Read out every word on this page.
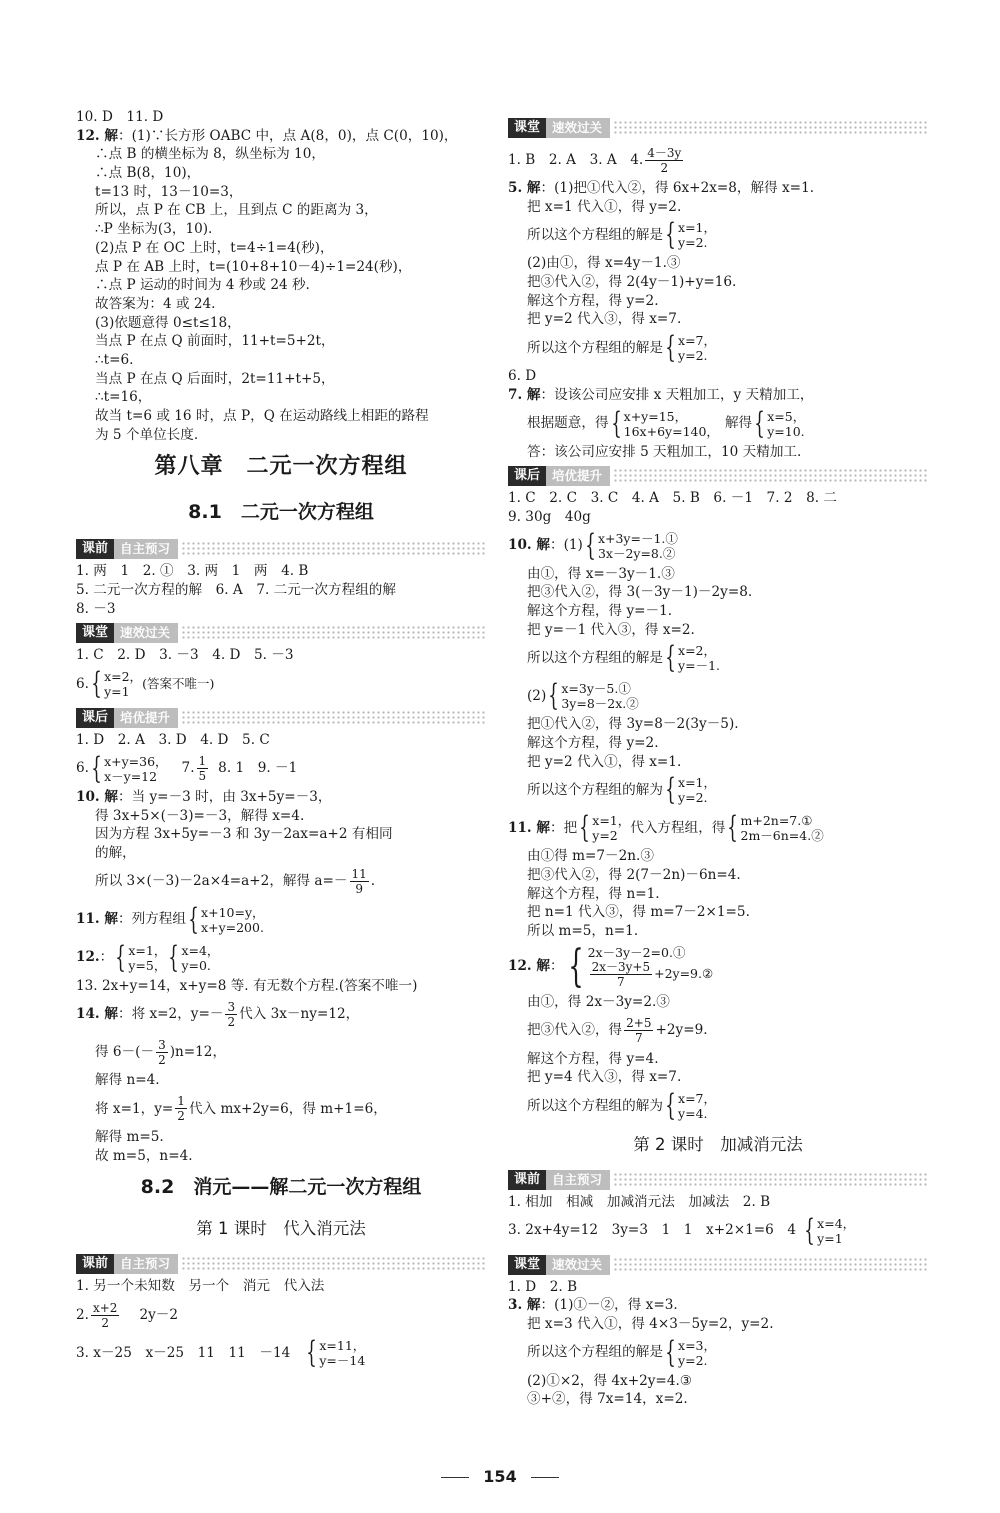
10. D　11. D
12. 解：(1)∵长方形 OABC 中，点 A(8，0)，点 C(0，10)，
∴点 B 的横坐标为 8，纵坐标为 10，
∴点 B(8，10)，
t=13 时，13－10=3，
所以，点 P 在 CB 上，且到点 C 的距离为 3，
∴P 坐标为(3，10).
(2)点 P 在 OC 上时，t=4÷1=4(秒)，
点 P 在 AB 上时，t=(10+8+10－4)÷1=24(秒)，
∴点 P 运动的时间为 4 秒或 24 秒.
故答案为：4 或 24.
(3)依题意得 0≤t≤18，
当点 P 在点 Q 前面时，11+t=5+2t，
∴t=6.
当点 P 在点 Q 后面时，2t=11+t+5，
∴t=16，
故当 t=6 或 16 时，点 P，Q 在运动路线上相距的路程
为 5 个单位长度.
第八章　二元一次方程组
8.1　二元一次方程组
课前 自主预习
1. 两　1　2. ①　3. 两　1　两　4. B
5. 二元一次方程的解　6. A　7. 二元一次方程组的解
8. －3
课堂 速效过关
1. C　2. D　3. －3　4. D　5. －3
6. { x=2，
y=1
(答案不唯一)
课后 培优提升
1. D　2. A　3. D　4. D　5. C
6. { x+y=36，
x－y=12	7. $\frac{1}{5} 8$. 1　9. －1
10. 解：当 y=－3 时，由 3x+5y=－3，
得 3x+5×(－3)=－3，解得 x=4.
因为方程 3x+5y=－3 和 3y－2ax=a+2 有相同
的解，
所以 3×(－3)－2a×4=a+2，解得 $a=- \frac{11}{9}$ .
11. 解 ：列方程组 { x+10=y，
x+y=200.
12. ： { x=1，
y=5， { x=4，
y=0.
13. 2x+y=14，x+y=8 等. 有无数个方程.(答案不唯一)
14. 解 ：将 x=2，$y=- \frac{3}{2}$ 代入 3x－ny=12，
得 $6-(- \frac{3}{2} )n=12$，
解得 n=4.
将 x=1，$y= \frac{1}{2}$ 代入 mx+2y=6，得 m+1=6，
解得 m=5.
故 m=5，n=4.
8.2　消元——解二元一次方程组
第 1 课时　代入消元法
课前 自主预习
1. 另一个未知数　另一个　消元　代入法
2. $\frac{x+2}{2} 2y-2$
3. x－25　x－25　11　11　－14 { x=11，
y=－14
课堂 速效过关
1. B　2. A　3. A　4. $\frac{4-3y}{2}$
5. 解：(1)把①代入②，得 6x+2x=8，解得 x=1.
把 x=1 代入①，得 y=2.
所以这个方程组的解是 { x=1，
y=2.
(2)由①，得 x=4y－1.③
把③代入②，得 2(4y－1)+y=16.
解这个方程，得 y=2.
把 y=2 代入③，得 x=7.
所以这个方程组的解是 { x=7，
y=2.
6. D
7. 解：设该公司应安排 x 天粗加工，y 天精加工，
根据题意，得 { x+y=15，
16x+6y=140， 解得 { x=5，
y=10.
答：该公司应安排 5 天粗加工，10 天精加工.
课后 培优提升
1. C　2. C　3. C　4. A　5. B　6. －1　7. 2　8. 二
9. 30g　40g
10. 解 ：(1) { x+3y=－1.①
3x－2y=8.②
由①，得 x=－3y－1.③
把③代入②，得 3(－3y－1)－2y=8.
解这个方程，得 y=－1.
把 y=－1 代入③，得 x=2.
所以这个方程组的解是 { x=2，
y=－1.
(2) { x=3y－5.①
3y=8－2x.②
把①代入②，得 3y=8－2(3y－5).
解这个方程，得 y=2.
把 y=2 代入①，得 x=1.
所以这个方程组的解为 { x=1，
y=2.
11. 解 ：把 { x=1，
y=2 代入方程组，得 { m+2n=7.①
2m－6n=4.②
由①得 m=7－2n.③
把③代入②，得 2(7－2n)－6n=4.
解这个方程，得 n=1.
把 n=1 代入③，得 m=7－2×1=5.
所以 m=5，n=1.
12. 解 ： { 2x－3y－2=0.①
$\frac{2x-3y+5}{7}$ +2y=9.②
由①，得 2x－3y=2.③
把③代入②，得 $\frac{2+5}{7} +2y=9$.
解这个方程，得 y=4.
把 y=4 代入③，得 x=7.
所以这个方程组的解为 { x=7，
y=4.
第 2 课时　加减消元法
课前 自主预习
1. 相加　相减　加减消元法　加减法　2. B
3. 2x+4y=12　3y=3　1　1　x+2×1=6　4 { x=4，
y=1
课堂 速效过关
1. D　2. B
3. 解：(1)①－②，得 x=3.
把 x=3 代入①，得 4×3－5y=2，y=2.
所以这个方程组的解是 { x=3，
y=2.
(2)①×2，得 4x+2y=4.③
③+②，得 7x=14，x=2.
154
